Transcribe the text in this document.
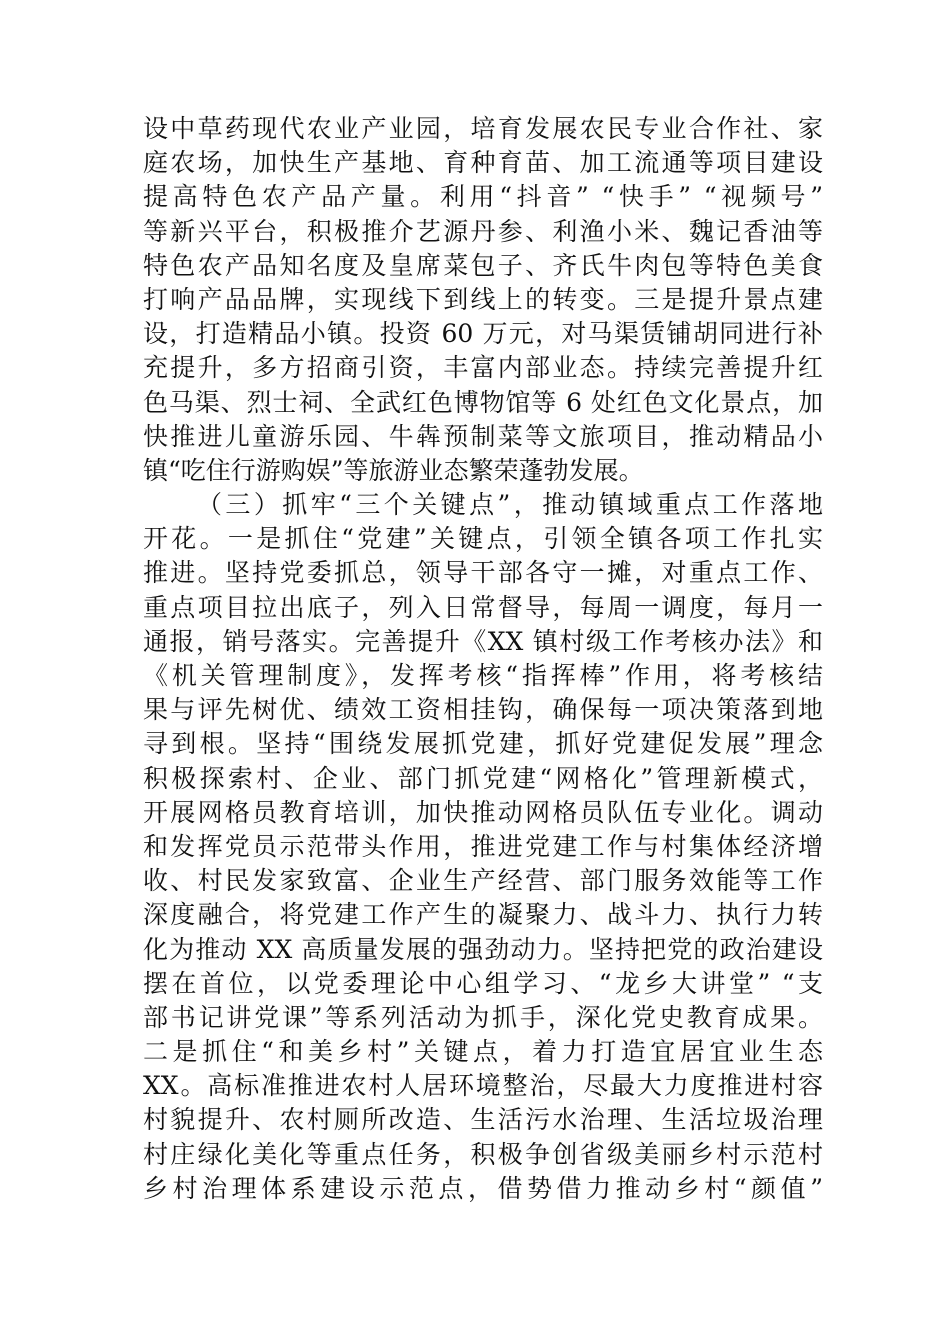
设中草药现代农业产业园，培育发展农民专业合作社、家
庭农场，加快生产基地、育种育苗、加工流通等项目建设
提高特色农产品产量。利用“抖音” “快手” “视频号”
等新兴平台，积极推介艺源丹参、利渔小米、魏记香油等
特色农产品知名度及皇席菜包子、齐氏牛肉包等特色美食
打响产品品牌，实现线下到线上的转变。三是提升景点建
设，打造精品小镇。投资 60 万元，对马渠赁铺胡同进行补
充提升，多方招商引资，丰富内部业态。持续完善提升红
色马渠、烈士祠、全武红色博物馆等 6 处红色文化景点，加
快推进儿童游乐园、牛犇预制菜等文旅项目，推动精品小
镇“吃住行游购娱”等旅游业态繁荣蓬勃发展。
（三）抓牢“三个关键点”，推动镇域重点工作落地
开花。一是抓住“党建”关键点，引领全镇各项工作扎实
推进。坚持党委抓总，领导干部各守一摊，对重点工作、
重点项目拉出底子，列入日常督导，每周一调度，每月一
通报，销号落实。完善提升《XX 镇村级工作考核办法》和
《机关管理制度》，发挥考核“指挥棒”作用，将考核结
果与评先树优、绩效工资相挂钩，确保每一项决策落到地
寻到根。坚持“围绕发展抓党建，抓好党建促发展”理念
积极探索村、企业、部门抓党建“网格化”管理新模式，
开展网格员教育培训，加快推动网格员队伍专业化。调动
和发挥党员示范带头作用，推进党建工作与村集体经济增
收、村民发家致富、企业生产经营、部门服务效能等工作
深度融合，将党建工作产生的凝聚力、战斗力、执行力转
化为推动 XX 高质量发展的强劲动力。坚持把党的政治建设
摆在首位，以党委理论中心组学习、“龙乡大讲堂” “支
部书记讲党课”等系列活动为抓手，深化党史教育成果。
二是抓住“和美乡村”关键点，着力打造宜居宜业生态
XX。高标准推进农村人居环境整治，尽最大力度推进村容
村貌提升、农村厕所改造、生活污水治理、生活垃圾治理
村庄绿化美化等重点任务，积极争创省级美丽乡村示范村
乡村治理体系建设示范点，借势借力推动乡村“颜值”
